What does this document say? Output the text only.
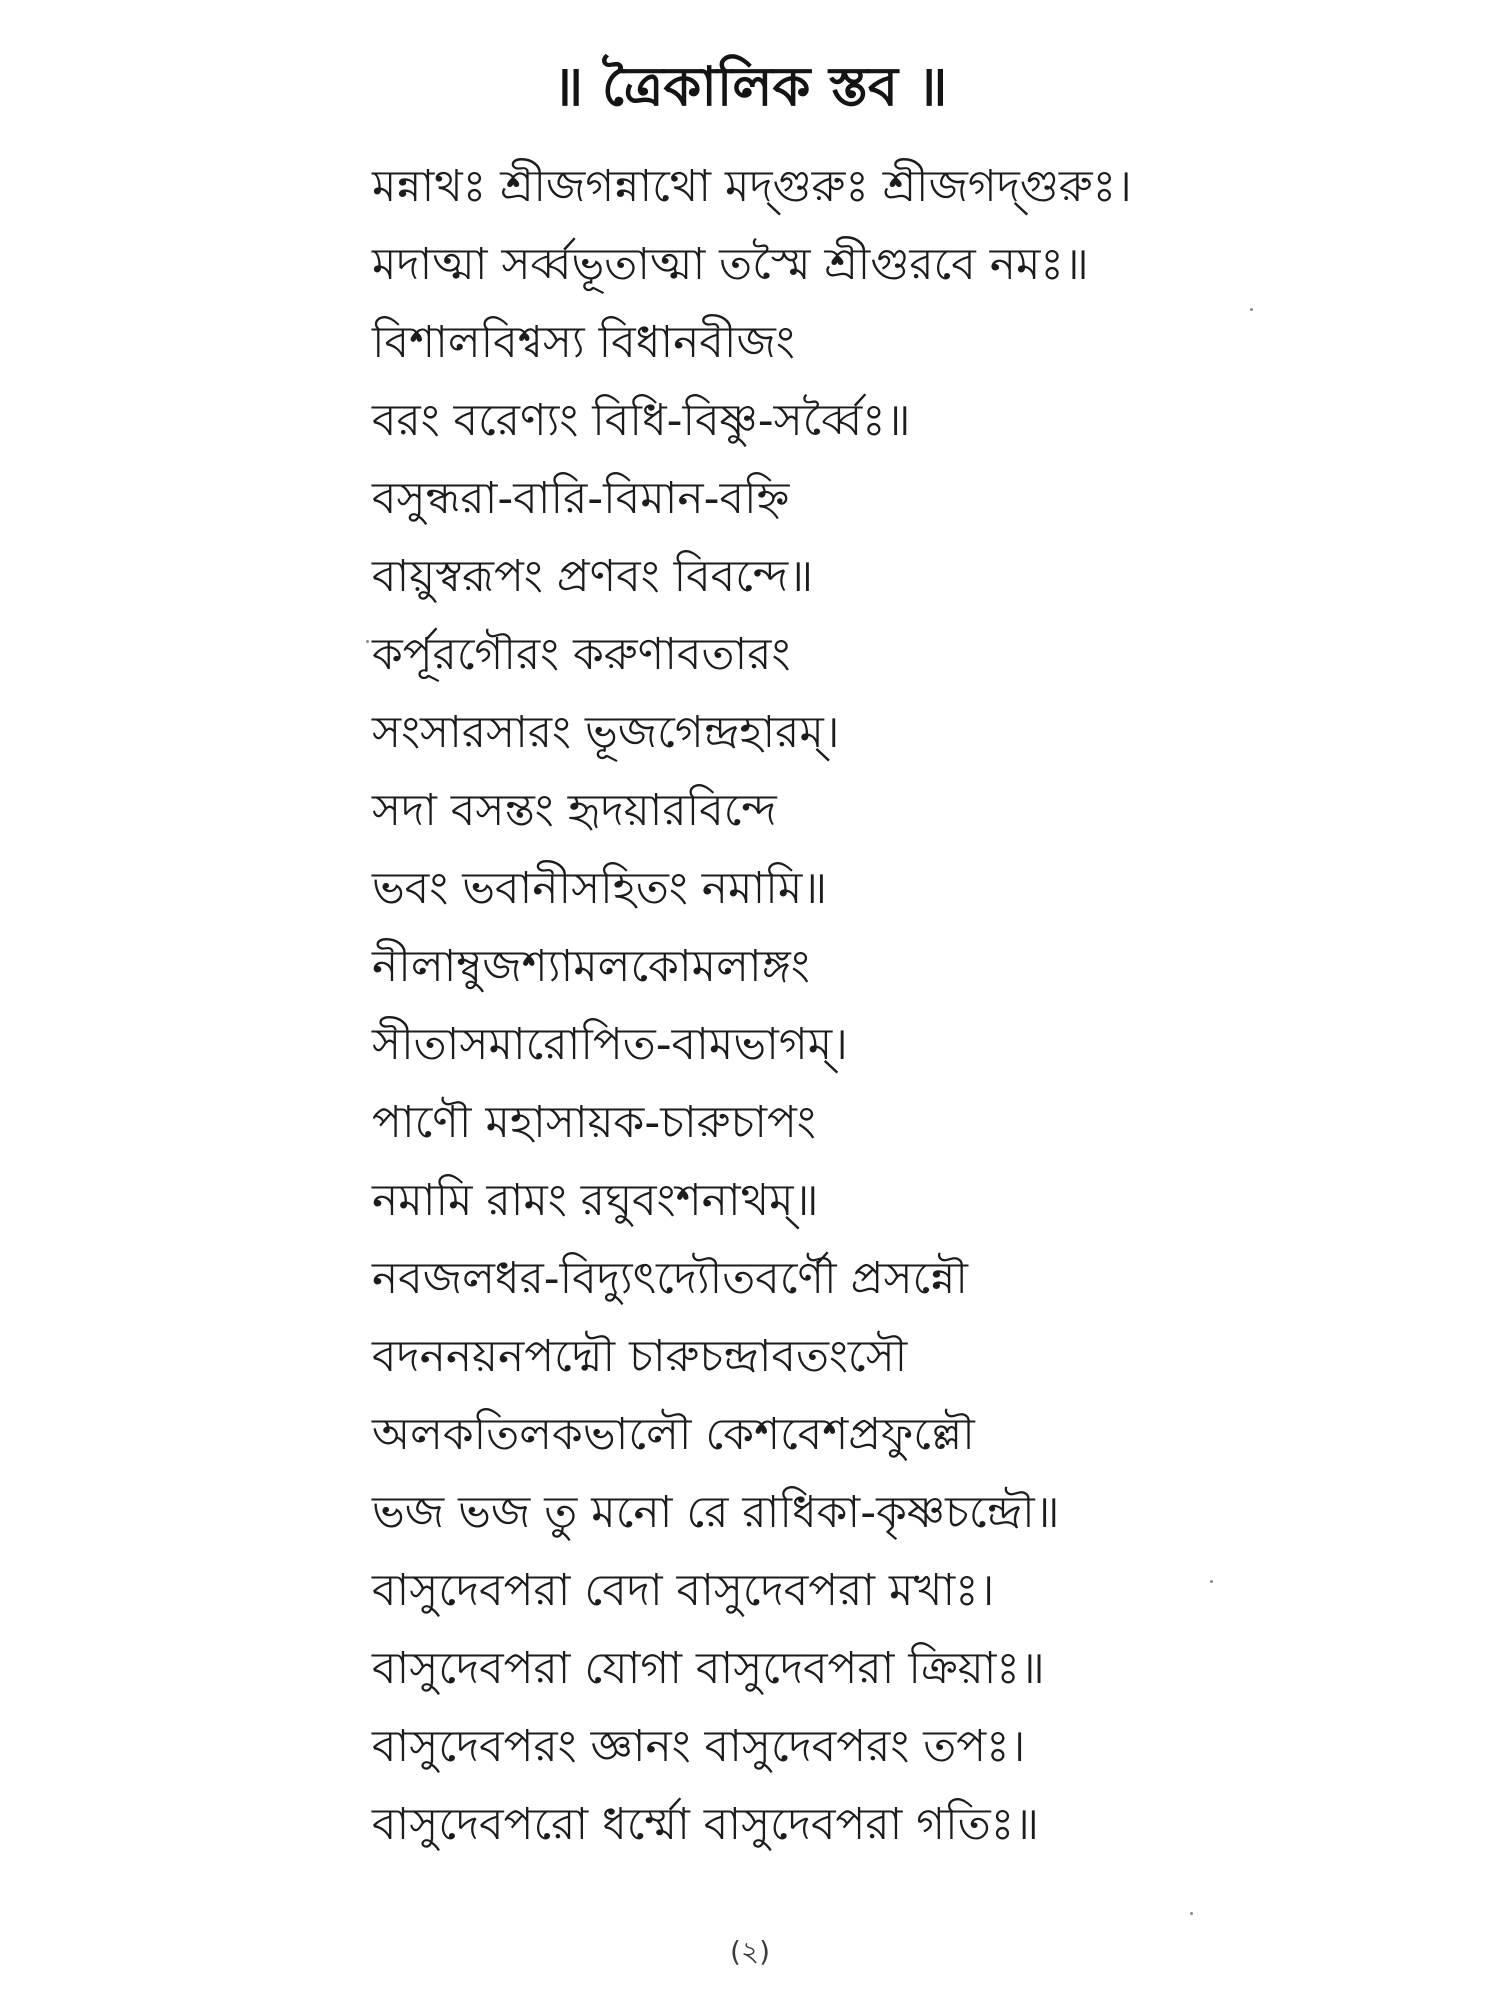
॥ ত্রৈকালিক স্তব ॥
মন্নাথঃ শ্রীজগন্নাথো মদ্‌গুরুঃ শ্রীজগদ্‌গুরুঃ।
মদাত্মা সর্ব্বভূতাত্মা তস্মৈ শ্রীগুরবে নমঃ॥
বিশালবিশ্বস্য বিধানবীজং
বরং বরেণ্যং বিধি-বিষ্ণু-সর্ব্বৈঃ॥
বসুন্ধরা-বারি-বিমান-বহ্নি
বায়ুস্বরূপং প্রণবং বিবন্দে॥
কর্পূরগৌরং করুণাবতারং
সংসারসারং ভূজগেন্দ্রহারম্‌।
সদা বসন্তং হৃদয়ারবিন্দে
ভবং ভবানীসহিতং নমামি॥
নীলাম্বুজশ্যামলকোমলাঙ্গং
সীতাসমারোপিত-বামভাগম্‌।
পাণৌ মহাসায়ক-চারুচাপং
নমামি রামং রঘুবংশনাথম্‌॥
নবজলধর-বিদ্যুৎদ্যৌতবর্ণৌ প্রসন্নৌ
বদননয়নপদ্মৌ চারুচন্দ্রাবতংসৌ
অলকতিলকভালৌ কেশবেশপ্রফুল্লৌ
ভজ ভজ তু মনো রে রাধিকা-কৃষ্ণচন্দ্রৌ॥
বাসুদেবপরা বেদা বাসুদেবপরা মখাঃ।
বাসুদেবপরা যোগা বাসুদেবপরা ক্রিয়াঃ॥
বাসুদেবপরং জ্ঞানং বাসুদেবপরং তপঃ।
বাসুদেবপরো ধর্ম্মো বাসুদেবপরা গতিঃ॥
(২)
